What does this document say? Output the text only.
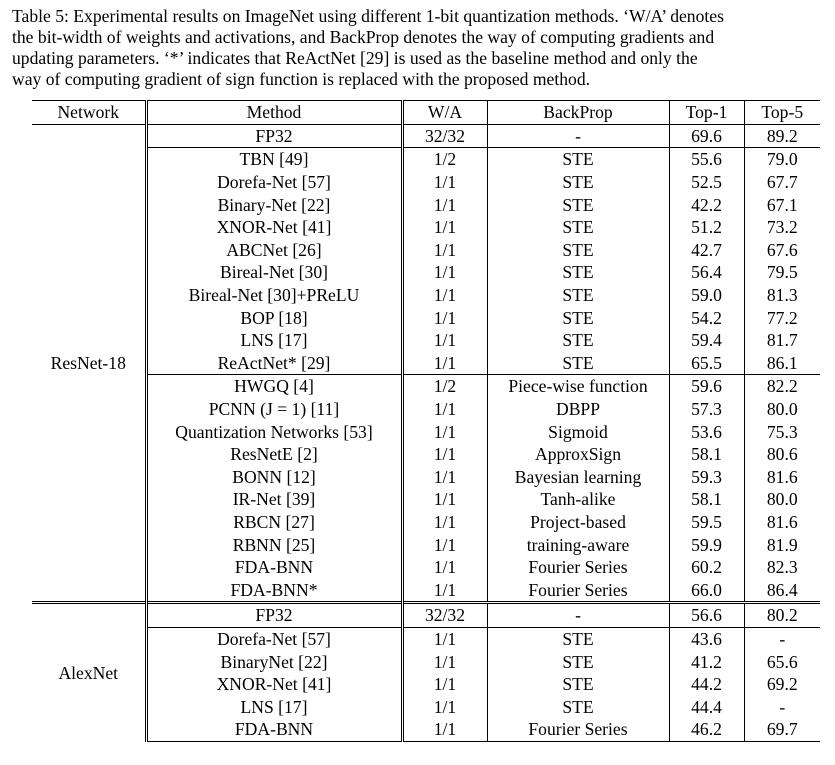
Table 5: Experimental results on ImageNet using different 1-bit quantization methods. ‘W/A’ denotes
the bit-width of weights and activations, and BackProp denotes the way of computing gradients and
updating parameters. ‘*’ indicates that ReActNet [29] is used as the baseline method and only the
way of computing gradient of sign function is replaced with the proposed method.
Network	Method	W/A	BackProp	Top-1	Top-5
ResNet-18	FP32	32/32	-	69.6	89.2
	TBN [49]	1/2	STE	55.6	79.0
	Dorefa-Net [57]	1/1	STE	52.5	67.7
	Binary-Net [22]	1/1	STE	42.2	67.1
	XNOR-Net [41]	1/1	STE	51.2	73.2
	ABCNet [26]	1/1	STE	42.7	67.6
	Bireal-Net [30]	1/1	STE	56.4	79.5
	Bireal-Net [30]+PReLU	1/1	STE	59.0	81.3
	BOP [18]	1/1	STE	54.2	77.2
	LNS [17]	1/1	STE	59.4	81.7
	ReActNet* [29]	1/1	STE	65.5	86.1
	HWGQ [4]	1/2	Piece-wise function	59.6	82.2
	PCNN (J = 1) [11]	1/1	DBPP	57.3	80.0
	Quantization Networks [53]	1/1	Sigmoid	53.6	75.3
	ResNetE [2]	1/1	ApproxSign	58.1	80.6
	BONN [12]	1/1	Bayesian learning	59.3	81.6
	IR-Net [39]	1/1	Tanh-alike	58.1	80.0
	RBCN [27]	1/1	Project-based	59.5	81.6
	RBNN [25]	1/1	training-aware	59.9	81.9
	FDA-BNN	1/1	Fourier Series	60.2	82.3
	FDA-BNN*	1/1	Fourier Series	66.0	86.4
AlexNet	FP32	32/32	-	56.6	80.2
	Dorefa-Net [57]	1/1	STE	43.6	-
	BinaryNet [22]	1/1	STE	41.2	65.6
	XNOR-Net [41]	1/1	STE	44.2	69.2
	LNS [17]	1/1	STE	44.4	-
	FDA-BNN	1/1	Fourier Series	46.2	69.7
